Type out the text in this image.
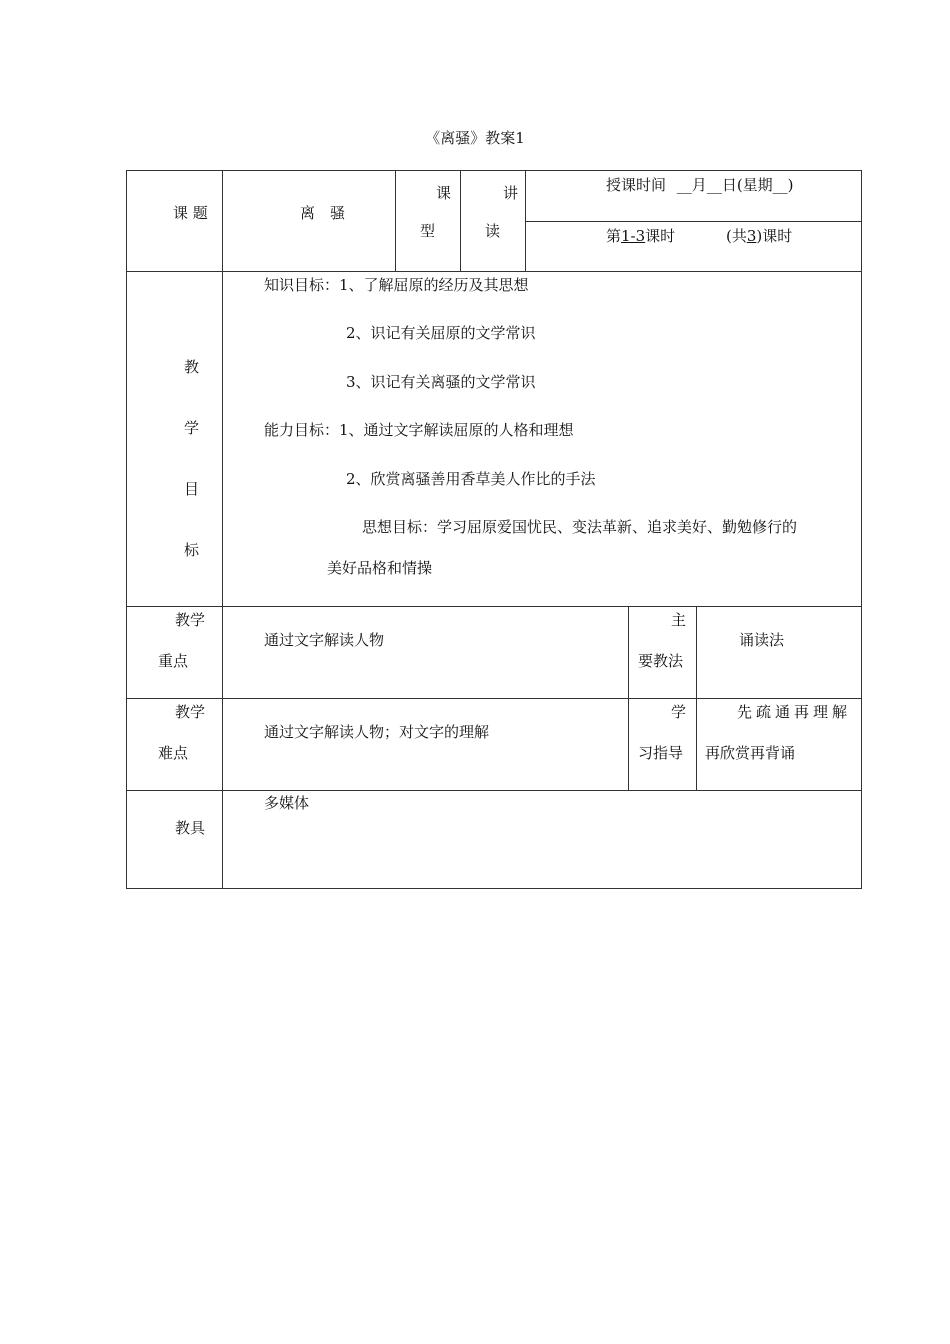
《离骚》教案1
课 题	离　骚
课
型
讲
读
授课时间 __月__日(星期__)
第1-3课时	(共3)课时
教
学
目
标
知识目标：1、了解屈原的经历及其思想
2、识记有关屈原的文学常识
3、识记有关离骚的文学常识
能力目标：1、通过文字解读屈原的人格和理想
2、欣赏离骚善用香草美人作比的手法
思想目标：学习屈原爱国忧民、变法革新、追求美好、勤勉修行的
美好品格和情操
教学
重点
通过文字解读人物
主
要教法
诵读法
教学
难点
通过文字解读人物；对文字的理解
学
习指导
先疏通再理解
再欣赏再背诵
教具
多媒体
